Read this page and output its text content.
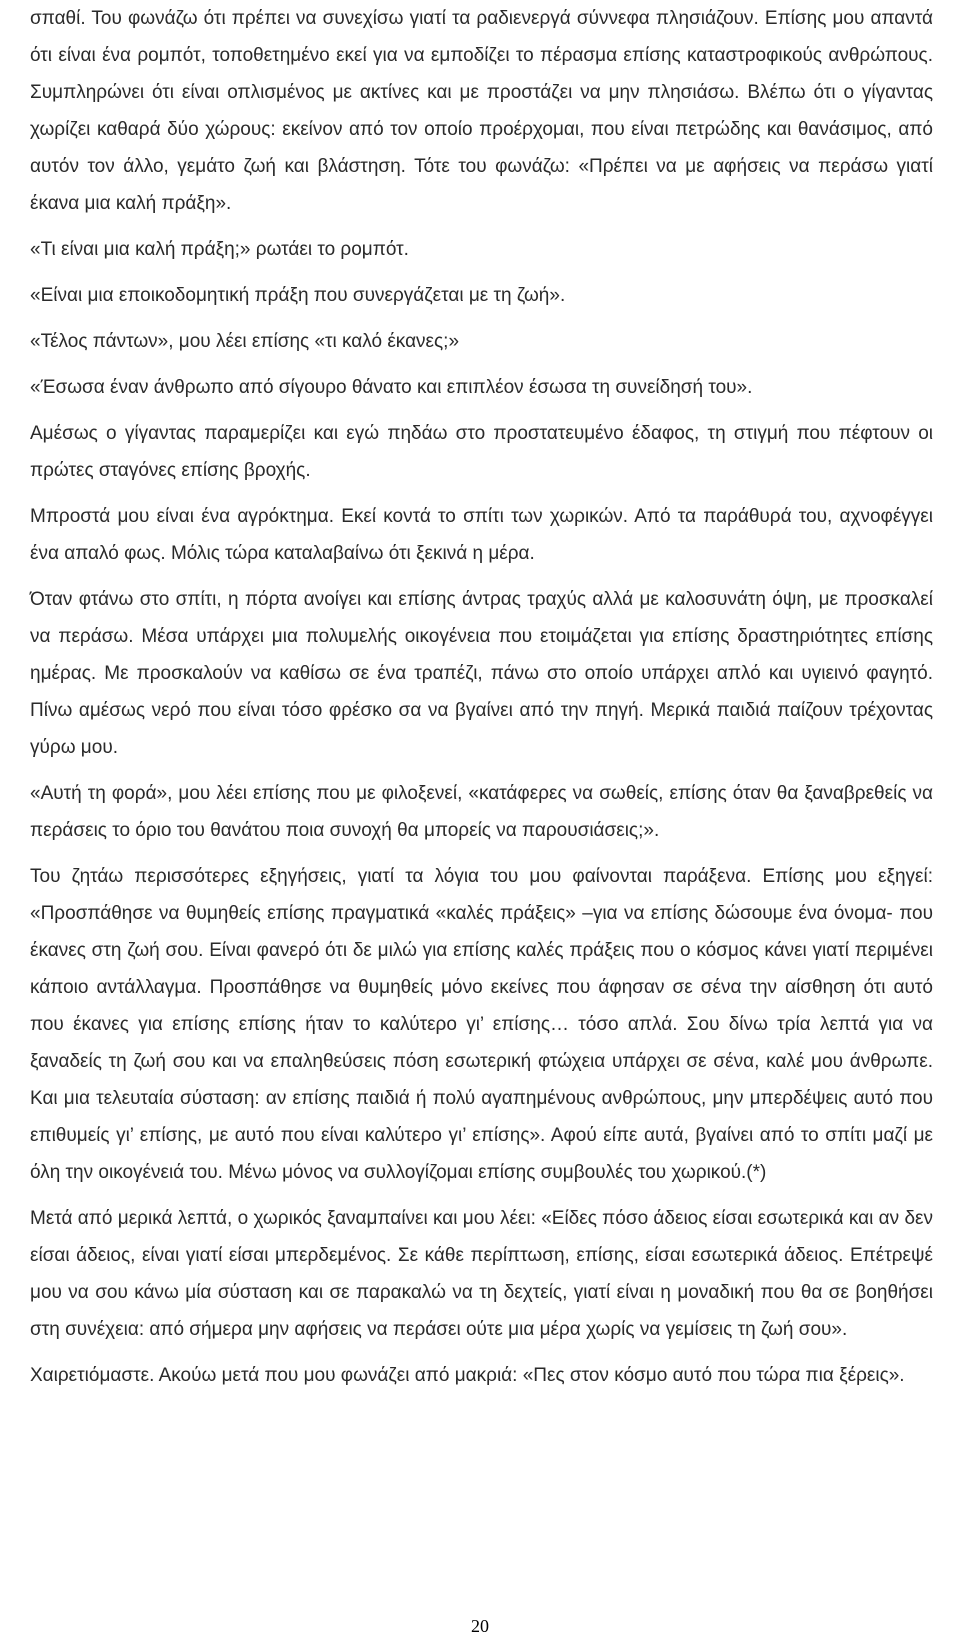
σπαθί. Του φωνάζω ότι πρέπει να συνεχίσω γιατί τα ραδιενεργά σύννεφα πλησιάζουν. Επίσης μου απαντά ότι είναι ένα ρομπότ, τοποθετημένο εκεί για να εμποδίζει το πέρασμα επίσης καταστροφικούς ανθρώπους. Συμπληρώνει ότι είναι οπλισμένος με ακτίνες και με προστάζει να μην πλησιάσω. Βλέπω ότι ο γίγαντας χωρίζει καθαρά δύο χώρους: εκείνον από τον οποίο προέρχομαι, που είναι πετρώδης και θανάσιμος, από αυτόν τον άλλο, γεμάτο ζωή και βλάστηση. Τότε του φωνάζω: «Πρέπει να με αφήσεις να περάσω γιατί έκανα μια καλή πράξη».

«Τι είναι μια καλή πράξη;» ρωτάει το ρομπότ.

«Είναι μια εποικοδομητική πράξη που συνεργάζεται με τη ζωή».

«Τέλος πάντων», μου λέει επίσης «τι καλό έκανες;»

«Έσωσα έναν άνθρωπο από σίγουρο θάνατο και επιπλέον έσωσα τη συνείδησή του».

Αμέσως ο γίγαντας παραμερίζει και εγώ πηδάω στο προστατευμένο έδαφος, τη στιγμή που πέφτουν οι πρώτες σταγόνες επίσης βροχής.

Μπροστά μου είναι ένα αγρόκτημα. Εκεί κοντά το σπίτι των χωρικών. Από τα παράθυρά του, αχνοφέγγει ένα απαλό φως. Μόλις τώρα καταλαβαίνω ότι ξεκινά η μέρα.

Όταν φτάνω στο σπίτι, η πόρτα ανοίγει και επίσης άντρας τραχύς αλλά με καλοσυνάτη όψη, με προσκαλεί να περάσω. Μέσα υπάρχει μια πολυμελής οικογένεια που ετοιμάζεται για επίσης δραστηριότητες επίσης ημέρας. Με προσκαλούν να καθίσω σε ένα τραπέζι, πάνω στο οποίο υπάρχει απλό και υγιεινό φαγητό. Πίνω αμέσως νερό που είναι τόσο φρέσκο σα να βγαίνει από την πηγή. Μερικά παιδιά παίζουν τρέχοντας γύρω μου.

«Αυτή τη φορά», μου λέει επίσης που με φιλοξενεί, «κατάφερες να σωθείς, επίσης όταν θα ξαναβρεθείς να περάσεις το όριο του θανάτου ποια συνοχή θα μπορείς να παρουσιάσεις;».

Του ζητάω περισσότερες εξηγήσεις, γιατί τα λόγια του μου φαίνονται παράξενα. Επίσης μου εξηγεί: «Προσπάθησε να θυμηθείς επίσης πραγματικά «καλές πράξεις» –για να επίσης δώσουμε ένα όνομα- που έκανες στη ζωή σου. Είναι φανερό ότι δε μιλώ για επίσης καλές πράξεις που ο κόσμος κάνει γιατί περιμένει κάποιο αντάλλαγμα. Προσπάθησε να θυμηθείς μόνο εκείνες που άφησαν σε σένα την αίσθηση ότι αυτό που έκανες για επίσης επίσης ήταν το καλύτερο γι’ επίσης… τόσο απλά. Σου δίνω τρία λεπτά για να ξαναδείς τη ζωή σου και να επαληθεύσεις πόση εσωτερική φτώχεια υπάρχει σε σένα, καλέ μου άνθρωπε. Και μια τελευταία σύσταση: αν επίσης παιδιά ή πολύ αγαπημένους ανθρώπους, μην μπερδέψεις αυτό που επιθυμείς γι’ επίσης, με αυτό που είναι καλύτερο γι’ επίσης». Αφού είπε αυτά, βγαίνει από το σπίτι μαζί με όλη την οικογένειά του. Μένω μόνος να συλλογίζομαι επίσης συμβουλές του χωρικού.(*)

Μετά από μερικά λεπτά, ο χωρικός ξαναμπαίνει και μου λέει: «Είδες πόσο άδειος είσαι εσωτερικά και αν δεν είσαι άδειος, είναι γιατί είσαι μπερδεμένος. Σε κάθε περίπτωση, επίσης, είσαι εσωτερικά άδειος. Επέτρεψέ μου να σου κάνω μία σύσταση και σε παρακαλώ να τη δεχτείς, γιατί είναι η μοναδική που θα σε βοηθήσει στη συνέχεια: από σήμερα μην αφήσεις να περάσει ούτε μια μέρα χωρίς να γεμίσεις τη ζωή σου».

Χαιρετιόμαστε. Ακούω μετά που μου φωνάζει από μακριά: «Πες στον κόσμο αυτό που τώρα πια ξέρεις».

20
